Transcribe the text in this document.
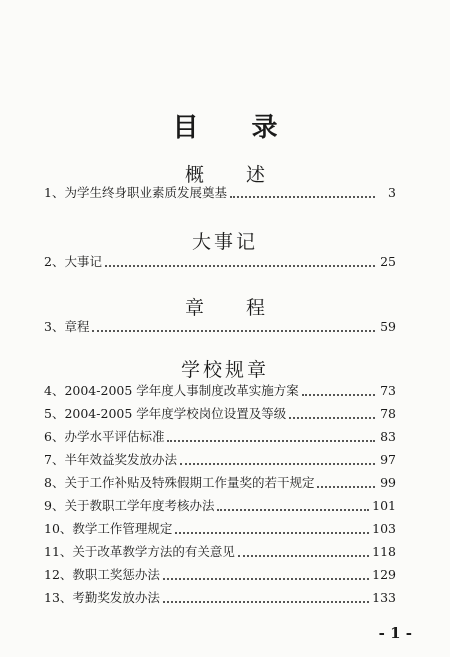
目 录
概 述
1、 为学生终身职业素质发展奠基	3
大事记
2、 大事记	25
章 程
3、 章程	59
学校规章
4、 2004-2005 学年度人事制度改革实施方案	73
5、 2004-2005 学年度学校岗位设置及等级	78
6、 办学水平评估标准	83
7、 半年效益奖发放办法	97
8、 关于工作补贴及特殊假期工作量奖的若干规定	99
9、 关于教职工学年度考核办法	101
10、 教学工作管理规定	103
11、 关于改革教学方法的有关意见	118
12、 教职工奖惩办法	129
13、 考勤奖发放办法	133
- 1 -
